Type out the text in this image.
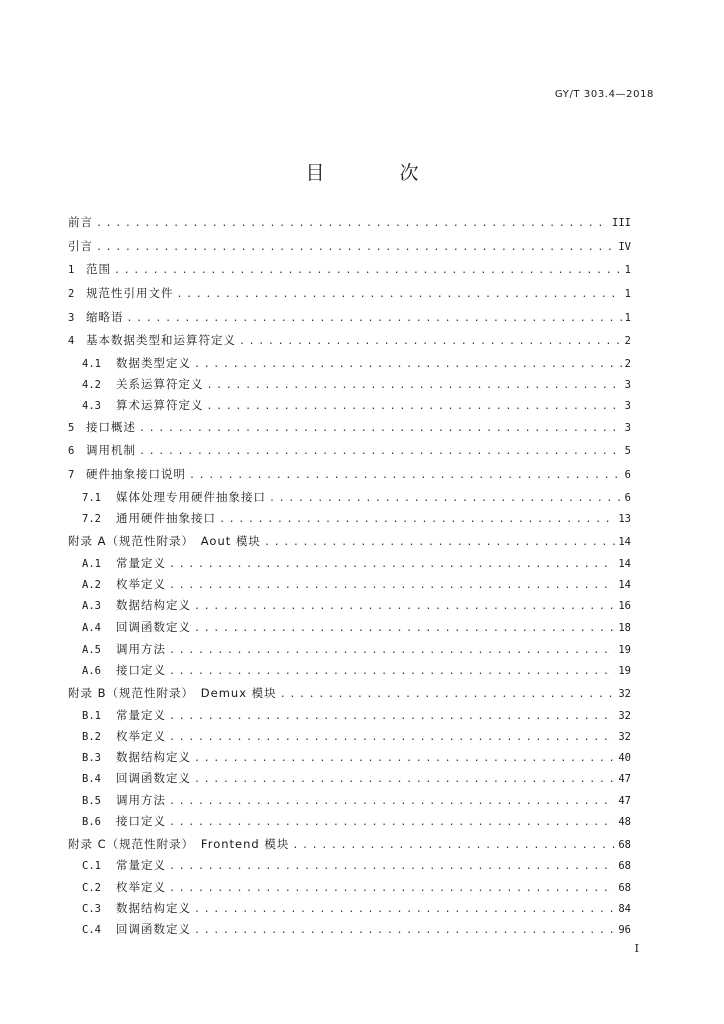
GY/T 303.4—2018
目　次
前言 . . .	III
引言 . . .	IV
1	范围 . . .	1
2	规范性引用文件 . . .	1
3	缩略语 . . .	1
4	基本数据类型和运算符定义 . . .	2
4.1	数据类型定义 . . .	2
4.2	关系运算符定义 . . .	3
4.3	算术运算符定义 . . .	3
5	接口概述 . . .	3
6	调用机制 . . .	5
7	硬件抽象接口说明 . . .	6
7.1	媒体处理专用硬件抽象接口 . . .	6
7.2	通用硬件抽象接口 . . .	13
附录 A（规范性附录）　Aout 模块 . . .	14
A.1	常量定义 . . .	14
A.2	枚举定义 . . .	14
A.3	数据结构定义 . . .	16
A.4	回调函数定义 . . .	18
A.5	调用方法 . . .	19
A.6	接口定义 . . .	19
附录 B（规范性附录）　Demux 模块 . . .	32
B.1	常量定义 . . .	32
B.2	枚举定义 . . .	32
B.3	数据结构定义 . . .	40
B.4	回调函数定义 . . .	47
B.5	调用方法 . . .	47
B.6	接口定义 . . .	48
附录 C（规范性附录）　Frontend 模块 . . .	68
C.1	常量定义 . . .	68
C.2	枚举定义 . . .	68
C.3	数据结构定义 . . .	84
C.4	回调函数定义 . . .	96
I
